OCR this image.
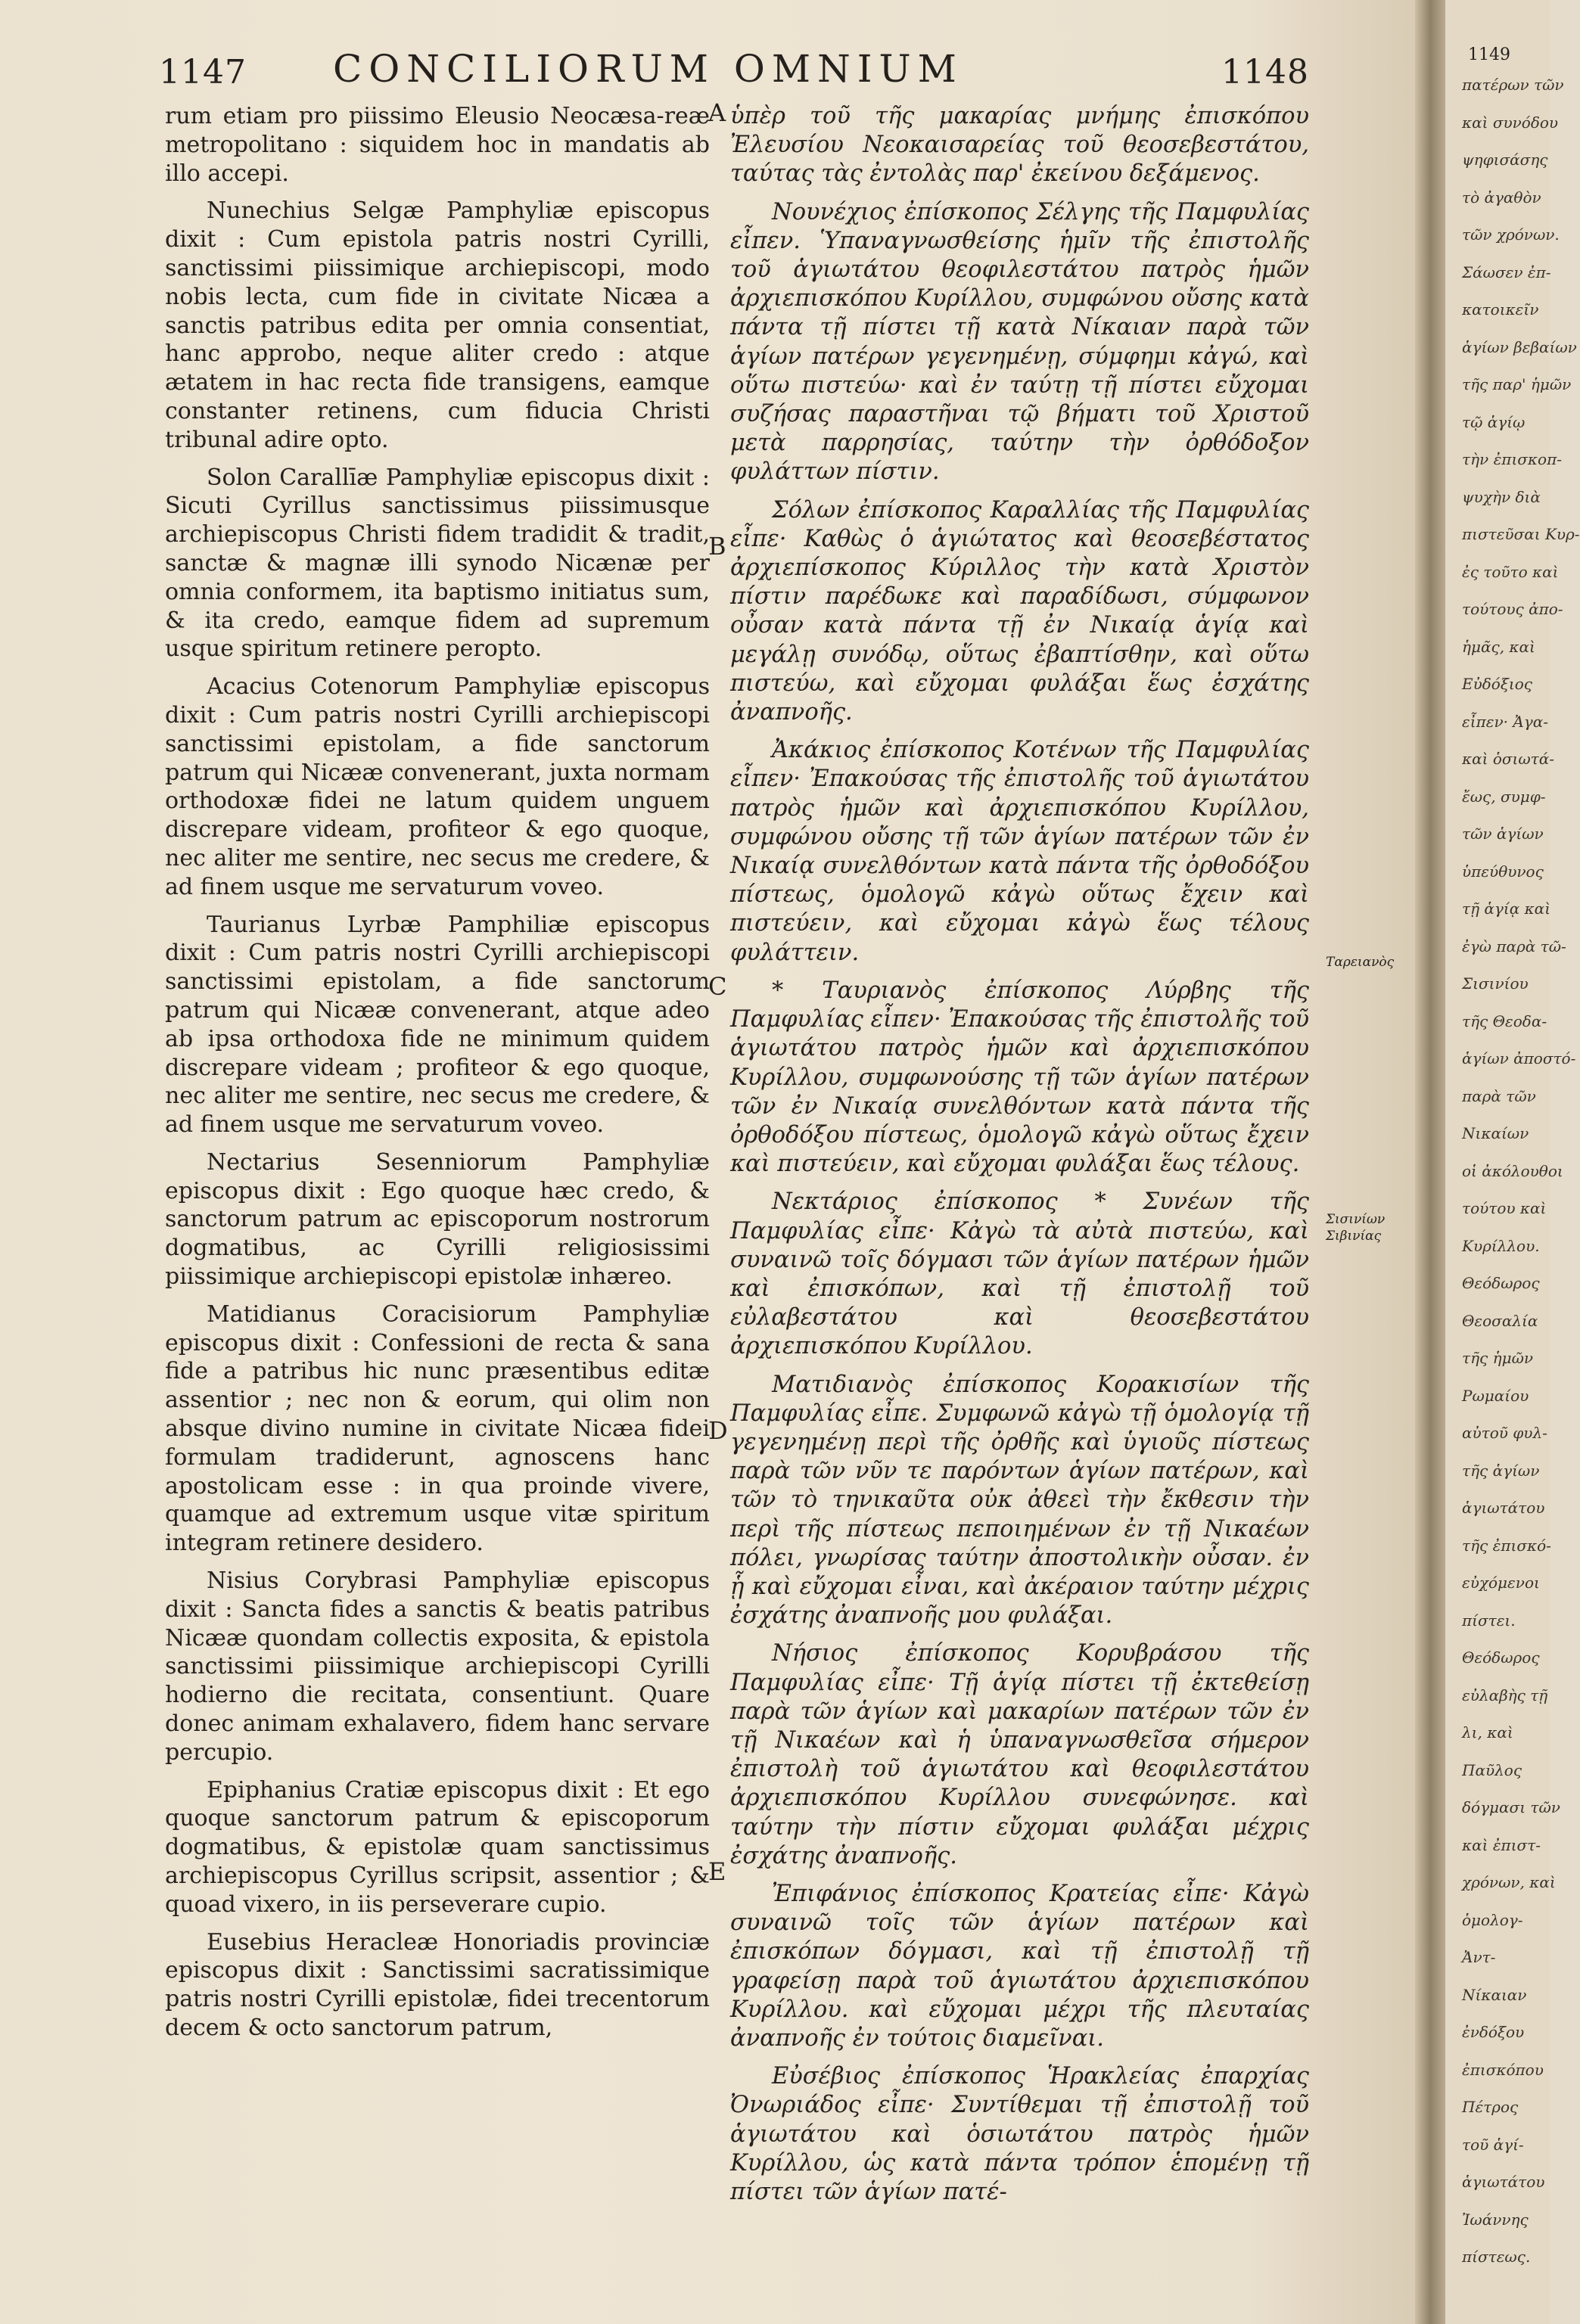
1147 CONCILIORUM OMNIUM	1148

rum etiam pro piissimo Eleusio Neocæsa-reæ metropolitano : siquidem hoc in mandatis ab illo accepi.

Nunechius Selgæ Pamphyliæ episcopus dixit : Cum epistola patris nostri Cyrilli, sanctissimi piissimique archiepiscopi, modo nobis lecta, cum fide in civitate Nicæa a sanctis patribus edita per omnia consentiat, hanc approbo, neque aliter credo : atque ætatem in hac recta fide transigens, eamque constanter retinens, cum fiducia Christi tribunal adire opto.

Solon Carallīæ Pamphyliæ episcopus dixit : Sicuti Cyrillus sanctissimus piissimusque archiepiscopus Christi fidem tradidit & tradit, sanctæ & magnæ illi synodo Nicænæ per omnia conformem, ita baptismo initiatus sum, & ita credo, eamque fidem ad supremum usque spiritum retinere peropto.

Acacius Cotenorum Pamphyliæ episcopus dixit : Cum patris nostri Cyrilli archiepiscopi sanctissimi epistolam, a fide sanctorum patrum qui Nicææ convenerant, juxta normam orthodoxæ fidei ne latum quidem unguem discrepare videam, profiteor & ego quoque, nec aliter me sentire, nec secus me credere, & ad finem usque me servaturum voveo.

Taurianus Lyrbæ Pamphiliæ episcopus dixit : Cum patris nostri Cyrilli archiepiscopi sanctissimi epistolam, a fide sanctorum patrum qui Nicææ convenerant, atque adeo ab ipsa orthodoxa fide ne minimum quidem discrepare videam ; profiteor & ego quoque, nec aliter me sentire, nec secus me credere, & ad finem usque me servaturum voveo.

Nectarius Sesenniorum Pamphyliæ episcopus dixit : Ego quoque hæc credo, & sanctorum patrum ac episcoporum nostrorum dogmatibus, ac Cyrilli religiosissimi piissimique archiepiscopi epistolæ inhæreo.

Matidianus Coracisiorum Pamphyliæ episcopus dixit : Confessioni de recta & sana fide a patribus hic nunc præsentibus editæ assentior ; nec non & eorum, qui olim non absque divino numine in civitate Nicæa fidei formulam tradiderunt, agnoscens hanc apostolicam esse : in qua proinde vivere, quamque ad extremum usque vitæ spiritum integram retinere desidero.

Nisius Corybrasi Pamphyliæ episcopus dixit : Sancta fides a sanctis & beatis patribus Nicææ quondam collectis exposita, & epistola sanctissimi piissimique archiepiscopi Cyrilli hodierno die recitata, consentiunt. Quare donec animam exhalavero, fidem hanc servare percupio.

Epiphanius Cratiæ episcopus dixit : Et ego quoque sanctorum patrum & episcoporum dogmatibus, & epistolæ quam sanctissimus archiepiscopus Cyrillus scripsit, assentior ; & quoad vixero, in iis perseverare cupio.

Eusebius Heracleæ Honoriadis provinciæ episcopus dixit : Sanctissimi sacratissimique patris nostri Cyrilli epistolæ, fidei trecentorum decem & octo sanctorum patrum,

A
B
C
D
E

ὑπὲρ τοῦ τῆς μακαρίας μνήμης ἐπισκόπου Ἐλευσίου Νεοκαισαρείας τοῦ θεοσεβεστάτου, ταύτας τὰς ἐντολὰς παρ' ἐκείνου δεξάμενος.

Νουνέχιος ἐπίσκοπος Σέλγης τῆς Παμφυλίας εἶπεν. Ὑπαναγνωσθείσης ἡμῖν τῆς ἐπιστολῆς τοῦ ἁγιωτάτου θεοφιλεστάτου πατρὸς ἡμῶν ἀρχιεπισκόπου Κυρίλλου, συμφώνου οὔσης κατὰ πάντα τῇ πίστει τῇ κατὰ Νίκαιαν παρὰ τῶν ἁγίων πατέρων γεγενημένῃ, σύμφημι κἀγώ, καὶ οὕτω πιστεύω· καὶ ἐν ταύτῃ τῇ πίστει εὔχομαι συζήσας παραστῆναι τῷ βήματι τοῦ Χριστοῦ μετὰ παρρησίας, ταύτην τὴν ὀρθόδοξον φυλάττων πίστιν.

Σόλων ἐπίσκοπος Καραλλίας τῆς Παμφυλίας εἶπε· Καθὼς ὁ ἁγιώτατος καὶ θεοσεβέστατος ἀρχιεπίσκοπος Κύριλλος τὴν κατὰ Χριστὸν πίστιν παρέδωκε καὶ παραδίδωσι, σύμφωνον οὖσαν κατὰ πάντα τῇ ἐν Νικαίᾳ ἁγίᾳ καὶ μεγάλῃ συνόδῳ, οὕτως ἐβαπτίσθην, καὶ οὕτω πιστεύω, καὶ εὔχομαι φυλάξαι ἕως ἐσχάτης ἀναπνοῆς.

Ἀκάκιος ἐπίσκοπος Κοτένων τῆς Παμφυλίας εἶπεν· Ἐπακούσας τῆς ἐπιστολῆς τοῦ ἁγιωτάτου πατρὸς ἡμῶν καὶ ἀρχιεπισκόπου Κυρίλλου, συμφώνου οὔσης τῇ τῶν ἁγίων πατέρων τῶν ἐν Νικαίᾳ συνελθόντων κατὰ πάντα τῆς ὀρθοδόξου πίστεως, ὁμολογῶ κἀγὼ οὕτως ἔχειν καὶ πιστεύειν, καὶ εὔχομαι κἀγὼ ἕως τέλους φυλάττειν.

* Ταυριανὸς ἐπίσκοπος Λύρβης τῆς Παμφυλίας εἶπεν· Ἐπακούσας τῆς ἐπιστολῆς τοῦ ἁγιωτάτου πατρὸς ἡμῶν καὶ ἀρχιεπισκόπου Κυρίλλου, συμφωνούσης τῇ τῶν ἁγίων πατέρων τῶν ἐν Νικαίᾳ συνελθόντων κατὰ πάντα τῆς ὀρθοδόξου πίστεως, ὁμολογῶ κἀγὼ οὕτως ἔχειν καὶ πιστεύειν, καὶ εὔχομαι φυλάξαι ἕως τέλους.

Νεκτάριος ἐπίσκοπος * Συνέων τῆς Παμφυλίας εἶπε· Κἀγὼ τὰ αὐτὰ πιστεύω, καὶ συναινῶ τοῖς δόγμασι τῶν ἁγίων πατέρων ἡμῶν καὶ ἐπισκόπων, καὶ τῇ ἐπιστολῇ τοῦ εὐλαβεστάτου καὶ θεοσεβεστάτου ἀρχιεπισκόπου Κυρίλλου.

Ματιδιανὸς ἐπίσκοπος Κορακισίων τῆς Παμφυλίας εἶπε. Συμφωνῶ κἀγὼ τῇ ὁμολογίᾳ τῇ γεγενημένῃ περὶ τῆς ὀρθῆς καὶ ὑγιοῦς πίστεως παρὰ τῶν νῦν τε παρόντων ἁγίων πατέρων, καὶ τῶν τὸ τηνικαῦτα οὐκ ἀθεεὶ τὴν ἔκθεσιν τὴν περὶ τῆς πίστεως πεποιημένων ἐν τῇ Νικαέων πόλει, γνωρίσας ταύτην ἀποστολικὴν οὖσαν. ἐν ᾗ καὶ εὔχομαι εἶναι, καὶ ἀκέραιον ταύτην μέχρις ἐσχάτης ἀναπνοῆς μου φυλάξαι.

Νήσιος ἐπίσκοπος Κορυβράσου τῆς Παμφυλίας εἶπε· Τῇ ἁγίᾳ πίστει τῇ ἐκτεθείσῃ παρὰ τῶν ἁγίων καὶ μακαρίων πατέρων τῶν ἐν τῇ Νικαέων καὶ ἡ ὑπαναγνωσθεῖσα σήμερον ἐπιστολὴ τοῦ ἁγιωτάτου καὶ θεοφιλεστάτου ἀρχιεπισκόπου Κυρίλλου συνεφώνησε. καὶ ταύτην τὴν πίστιν εὔχομαι φυλάξαι μέχρις ἐσχάτης ἀναπνοῆς.

Ἐπιφάνιος ἐπίσκοπος Κρατείας εἶπε· Κἀγὼ συναινῶ τοῖς τῶν ἁγίων πατέρων καὶ ἐπισκόπων δόγμασι, καὶ τῇ ἐπιστολῇ τῇ γραφείσῃ παρὰ τοῦ ἁγιωτάτου ἀρχιεπισκόπου Κυρίλλου. καὶ εὔχομαι μέχρι τῆς πλευταίας ἀναπνοῆς ἐν τούτοις διαμεῖναι.

Εὐσέβιος ἐπίσκοπος Ἡρακλείας ἐπαρχίας Ὀνωριάδος εἶπε· Συντίθεμαι τῇ ἐπιστολῇ τοῦ ἁγιωτάτου καὶ ὁσιωτάτου πατρὸς ἡμῶν Κυρίλλου, ὡς κατὰ πάντα τρόπον ἑπομένῃ τῇ πίστει τῶν ἁγίων πατέ-

Ταρειανὸς
Σισινίων
Σιβινίας
1149
πατέρων τῶν
καὶ συνόδου
ψηφισάσης
τὸ ἀγαθὸν
τῶν χρόνων.
Σάωσεν ἐπ-
κατοικεῖν
ἁγίων βεβαίων
τῆς παρ' ἡμῶν
τῷ ἁγίῳ
τὴν ἐπισκοπ-
ψυχὴν διὰ
πιστεῦσαι Κυρ-
ἐς τοῦτο καὶ
τούτους ἀπο-
ἡμᾶς, καὶ
Εὐδόξιος
εἶπεν· Ἀγα-
καὶ ὁσιωτά-
ἔως, συμφ-
τῶν ἁγίων
ὑπεύθυνος
τῇ ἁγίᾳ καὶ
ἐγὼ παρὰ τῶ-
Σισινίου
τῆς Θεοδα-
ἁγίων ἀποστό-
παρὰ τῶν
Νικαίων
οἱ ἀκόλουθοι
τούτου καὶ
Κυρίλλου.
Θεόδωρος
Θεοσαλία
τῆς ἡμῶν
Ρωμαίου
αὐτοῦ φυλ-
τῆς ἁγίων
ἁγιωτάτου
τῆς ἐπισκό-
εὐχόμενοι
πίστει.
Θεόδωρος
εὐλαβὴς τῇ
λι, καὶ
Παῦλος
δόγμασι τῶν
καὶ ἐπιστ-
χρόνων, καὶ
ὁμολογ-
Ἀντ-
Νίκαιαν
ἐνδόξου
ἐπισκόπου
Πέτρος
τοῦ ἁγί-
ἁγιωτάτου
Ἰωάννης
πίστεως.
